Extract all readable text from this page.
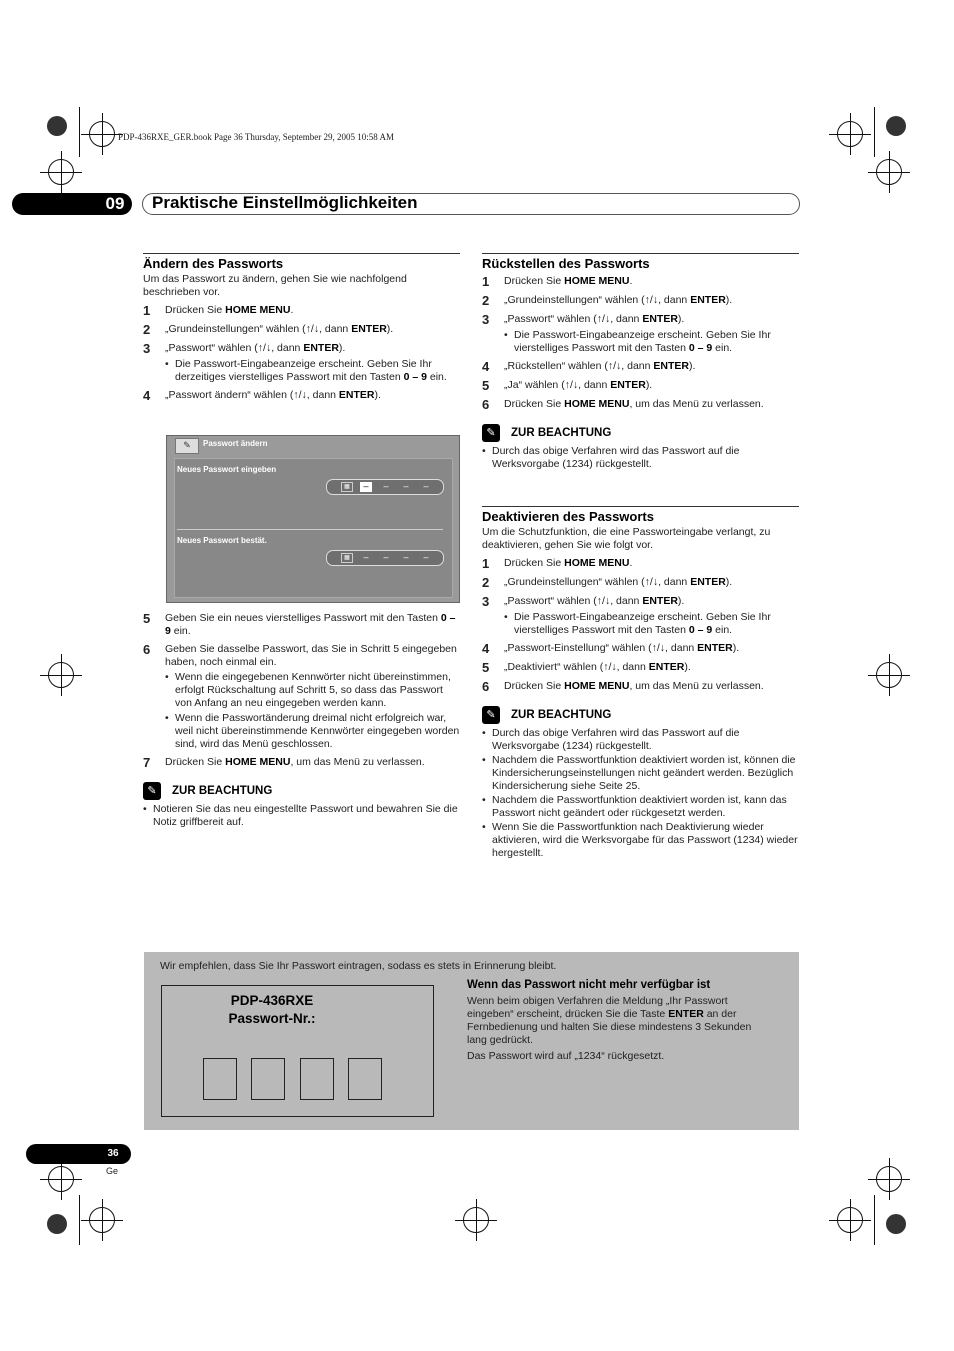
PDP-436RXE_GER.book Page 36 Thursday, September 29, 2005 10:58 AM
09	Praktische Einstellmöglichkeiten
Ändern des Passworts
Um das Passwort zu ändern, gehen Sie wie nachfolgend beschrieben vor.
1	Drücken Sie HOME MENU.
2	„Grundeinstellungen“ wählen (↑/↓, dann ENTER).
3	„Passwort“ wählen (↑/↓, dann ENTER).
• Die Passwort-Eingabeanzeige erscheint. Geben Sie Ihr derzeitiges vierstelliges Passwort mit den Tasten 0 – 9 ein.
4	„Passwort ändern“ wählen (↑/↓, dann ENTER).
✎	Passwort ändern
Neues Passwort eingeben
▦	–	–	–	–
Neues Passwort bestät.
▦	–	–	–	–
5	Geben Sie ein neues vierstelliges Passwort mit den Tasten 0 – 9 ein.
6	Geben Sie dasselbe Passwort, das Sie in Schritt 5 eingegeben haben, noch einmal ein.
• Wenn die eingegebenen Kennwörter nicht übereinstimmen, erfolgt Rückschaltung auf Schritt 5, so dass das Passwort von Anfang an neu eingegeben werden kann.
• Wenn die Passwortänderung dreimal nicht erfolgreich war, weil nicht übereinstimmende Kennwörter eingegeben worden sind, wird das Menü geschlossen.
7	Drücken Sie HOME MENU, um das Menü zu verlassen.
✎	ZUR BEACHTUNG
• Notieren Sie das neu eingestellte Passwort und bewahren Sie die Notiz griffbereit auf.
Rückstellen des Passworts
1	Drücken Sie HOME MENU.
2	„Grundeinstellungen“ wählen (↑/↓, dann ENTER).
3	„Passwort“ wählen (↑/↓, dann ENTER).
• Die Passwort-Eingabeanzeige erscheint. Geben Sie Ihr vierstelliges Passwort mit den Tasten 0 – 9 ein.
4	„Rückstellen“ wählen (↑/↓, dann ENTER).
5	„Ja“ wählen (↑/↓, dann ENTER).
6	Drücken Sie HOME MENU, um das Menü zu verlassen.
✎	ZUR BEACHTUNG
• Durch das obige Verfahren wird das Passwort auf die Werksvorgabe (1234) rückgestellt.
Deaktivieren des Passworts
Um die Schutzfunktion, die eine Passworteingabe verlangt, zu deaktivieren, gehen Sie wie folgt vor.
1	Drücken Sie HOME MENU.
2	„Grundeinstellungen“ wählen (↑/↓, dann ENTER).
3	„Passwort“ wählen (↑/↓, dann ENTER).
• Die Passwort-Eingabeanzeige erscheint. Geben Sie Ihr vierstelliges Passwort mit den Tasten 0 – 9 ein.
4	„Passwort-Einstellung“ wählen (↑/↓, dann ENTER).
5	„Deaktiviert“ wählen (↑/↓, dann ENTER).
6	Drücken Sie HOME MENU, um das Menü zu verlassen.
✎	ZUR BEACHTUNG
• Durch das obige Verfahren wird das Passwort auf die Werksvorgabe (1234) rückgestellt.
• Nachdem die Passwortfunktion deaktiviert worden ist, können die Kindersicherungseinstellungen nicht geändert werden. Bezüglich Kindersicherung siehe Seite 25.
• Nachdem die Passwortfunktion deaktiviert worden ist, kann das Passwort nicht geändert oder rückgesetzt werden.
• Wenn Sie die Passwortfunktion nach Deaktivierung wieder aktivieren, wird die Werksvorgabe für das Passwort (1234) wieder hergestellt.
Wir empfehlen, dass Sie Ihr Passwort eintragen, sodass es stets in Erinnerung bleibt.
PDP-436RXE
Passwort-Nr.:
Wenn das Passwort nicht mehr verfügbar ist
Wenn beim obigen Verfahren die Meldung „Ihr Passwort eingeben“ erscheint, drücken Sie die Taste ENTER an der Fernbedienung und halten Sie diese mindestens 3 Sekunden lang gedrückt.
Das Passwort wird auf „1234“ rückgesetzt.
36
Ge
